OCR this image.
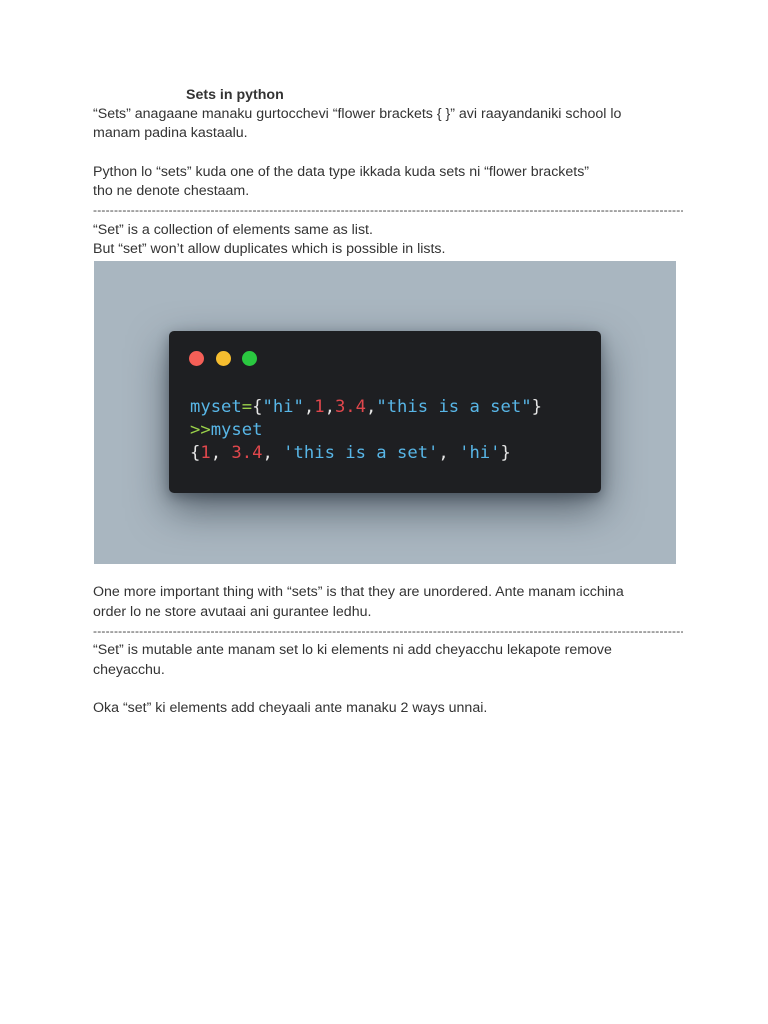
Sets in python
“Sets” anagaane manaku gurtocchevi “flower brackets { }” avi raayandaniki school lo
manam padina kastaalu.
Python lo “sets” kuda one of the data type ikkada kuda sets ni “flower brackets”
tho ne denote chestaam.
-----
“Set” is a collection of elements same as list.
But “set” won’t allow duplicates which is possible in lists.
myset={"hi",1,3.4,"this is a set"}
>>myset
{1, 3.4, 'this is a set', 'hi'}
One more important thing with “sets” is that they are unordered. Ante manam icchina
order lo ne store avutaai ani gurantee ledhu.
-----
“Set” is mutable ante manam set lo ki elements ni add cheyacchu lekapote remove
cheyacchu.
Oka “set” ki elements add cheyaali ante manaku 2 ways unnai.
